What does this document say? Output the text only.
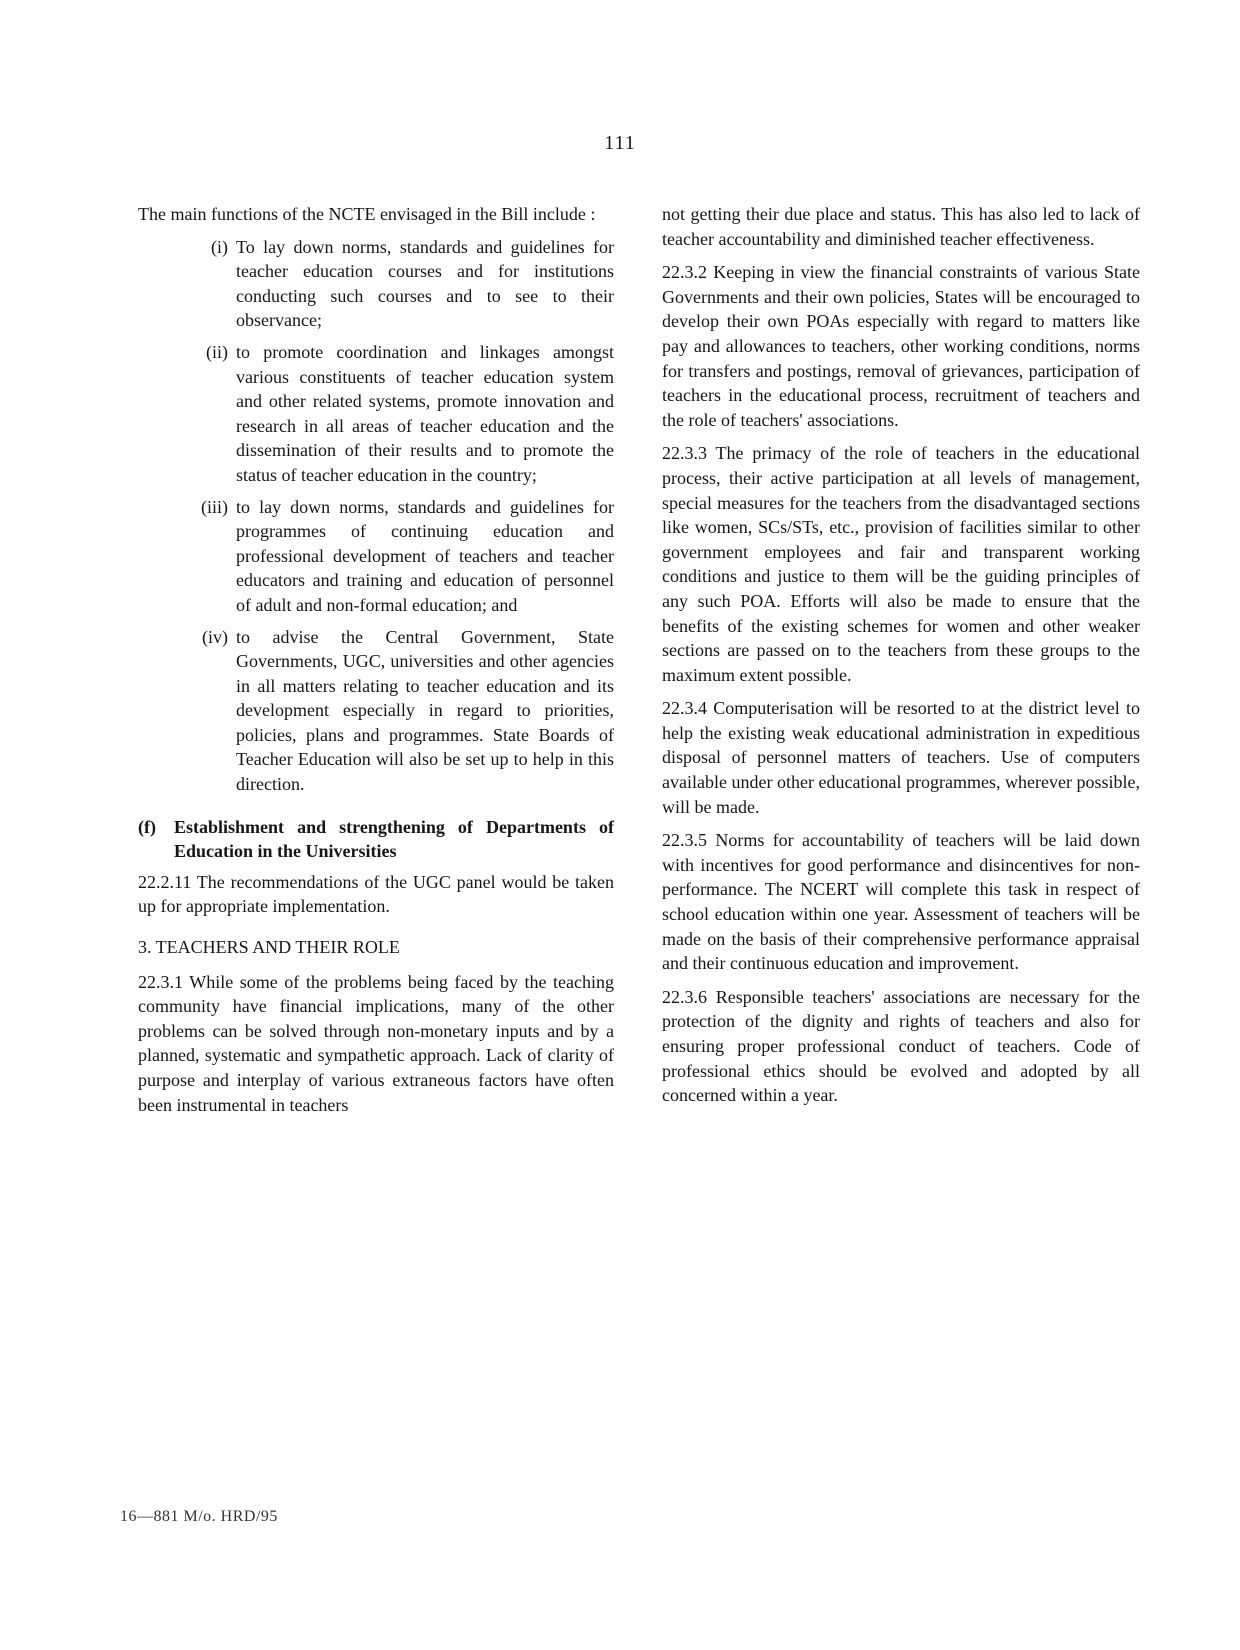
111

The main functions of the NCTE envisaged in the Bill include :

(i) To lay down norms, standards and guidelines for teacher education courses and for institutions conducting such courses and to see to their observance;
(ii) to promote coordination and linkages amongst various constituents of teacher education system and other related systems, promote innovation and research in all areas of teacher education and the dissemination of their results and to promote the status of teacher education in the country;
(iii) to lay down norms, standards and guidelines for programmes of continuing education and professional development of teachers and teacher educators and training and education of personnel of adult and non-formal education; and
(iv) to advise the Central Government, State Governments, UGC, universities and other agencies in all matters relating to teacher education and its development especially in regard to priorities, policies, plans and programmes. State Boards of Teacher Education will also be set up to help in this direction.
(f)	Establishment and strengthening of Departments of Education in the Universities

22.2.11 The recommendations of the UGC panel would be taken up for appropriate implementation.

3. TEACHERS AND THEIR ROLE

22.3.1 While some of the problems being faced by the teaching community have financial implications, many of the other problems can be solved through non-monetary inputs and by a planned, systematic and sympathetic approach. Lack of clarity of purpose and interplay of various extraneous factors have often been instrumental in teachers

not getting their due place and status. This has also led to lack of teacher accountability and diminished teacher effectiveness.

22.3.2 Keeping in view the financial constraints of various State Governments and their own policies, States will be encouraged to develop their own POAs especially with regard to matters like pay and allowances to teachers, other working conditions, norms for transfers and postings, removal of grievances, participation of teachers in the educational process, recruitment of teachers and the role of teachers' associations.

22.3.3 The primacy of the role of teachers in the educational process, their active participation at all levels of management, special measures for the teachers from the disadvantaged sections like women, SCs/STs, etc., provision of facilities similar to other government employees and fair and transparent working conditions and justice to them will be the guiding principles of any such POA. Efforts will also be made to ensure that the benefits of the existing schemes for women and other weaker sections are passed on to the teachers from these groups to the maximum extent possible.

22.3.4 Computerisation will be resorted to at the district level to help the existing weak educational administration in expeditious disposal of personnel matters of teachers. Use of computers available under other educational programmes, wherever possible, will be made.

22.3.5 Norms for accountability of teachers will be laid down with incentives for good performance and disincentives for non- performance. The NCERT will complete this task in respect of school education within one year. Assessment of teachers will be made on the basis of their comprehensive performance appraisal and their continuous education and improvement.

22.3.6 Responsible teachers' associations are necessary for the protection of the dignity and rights of teachers and also for ensuring proper professional conduct of teachers. Code of professional ethics should be evolved and adopted by all concerned within a year.

16—881 M/o. HRD/95
